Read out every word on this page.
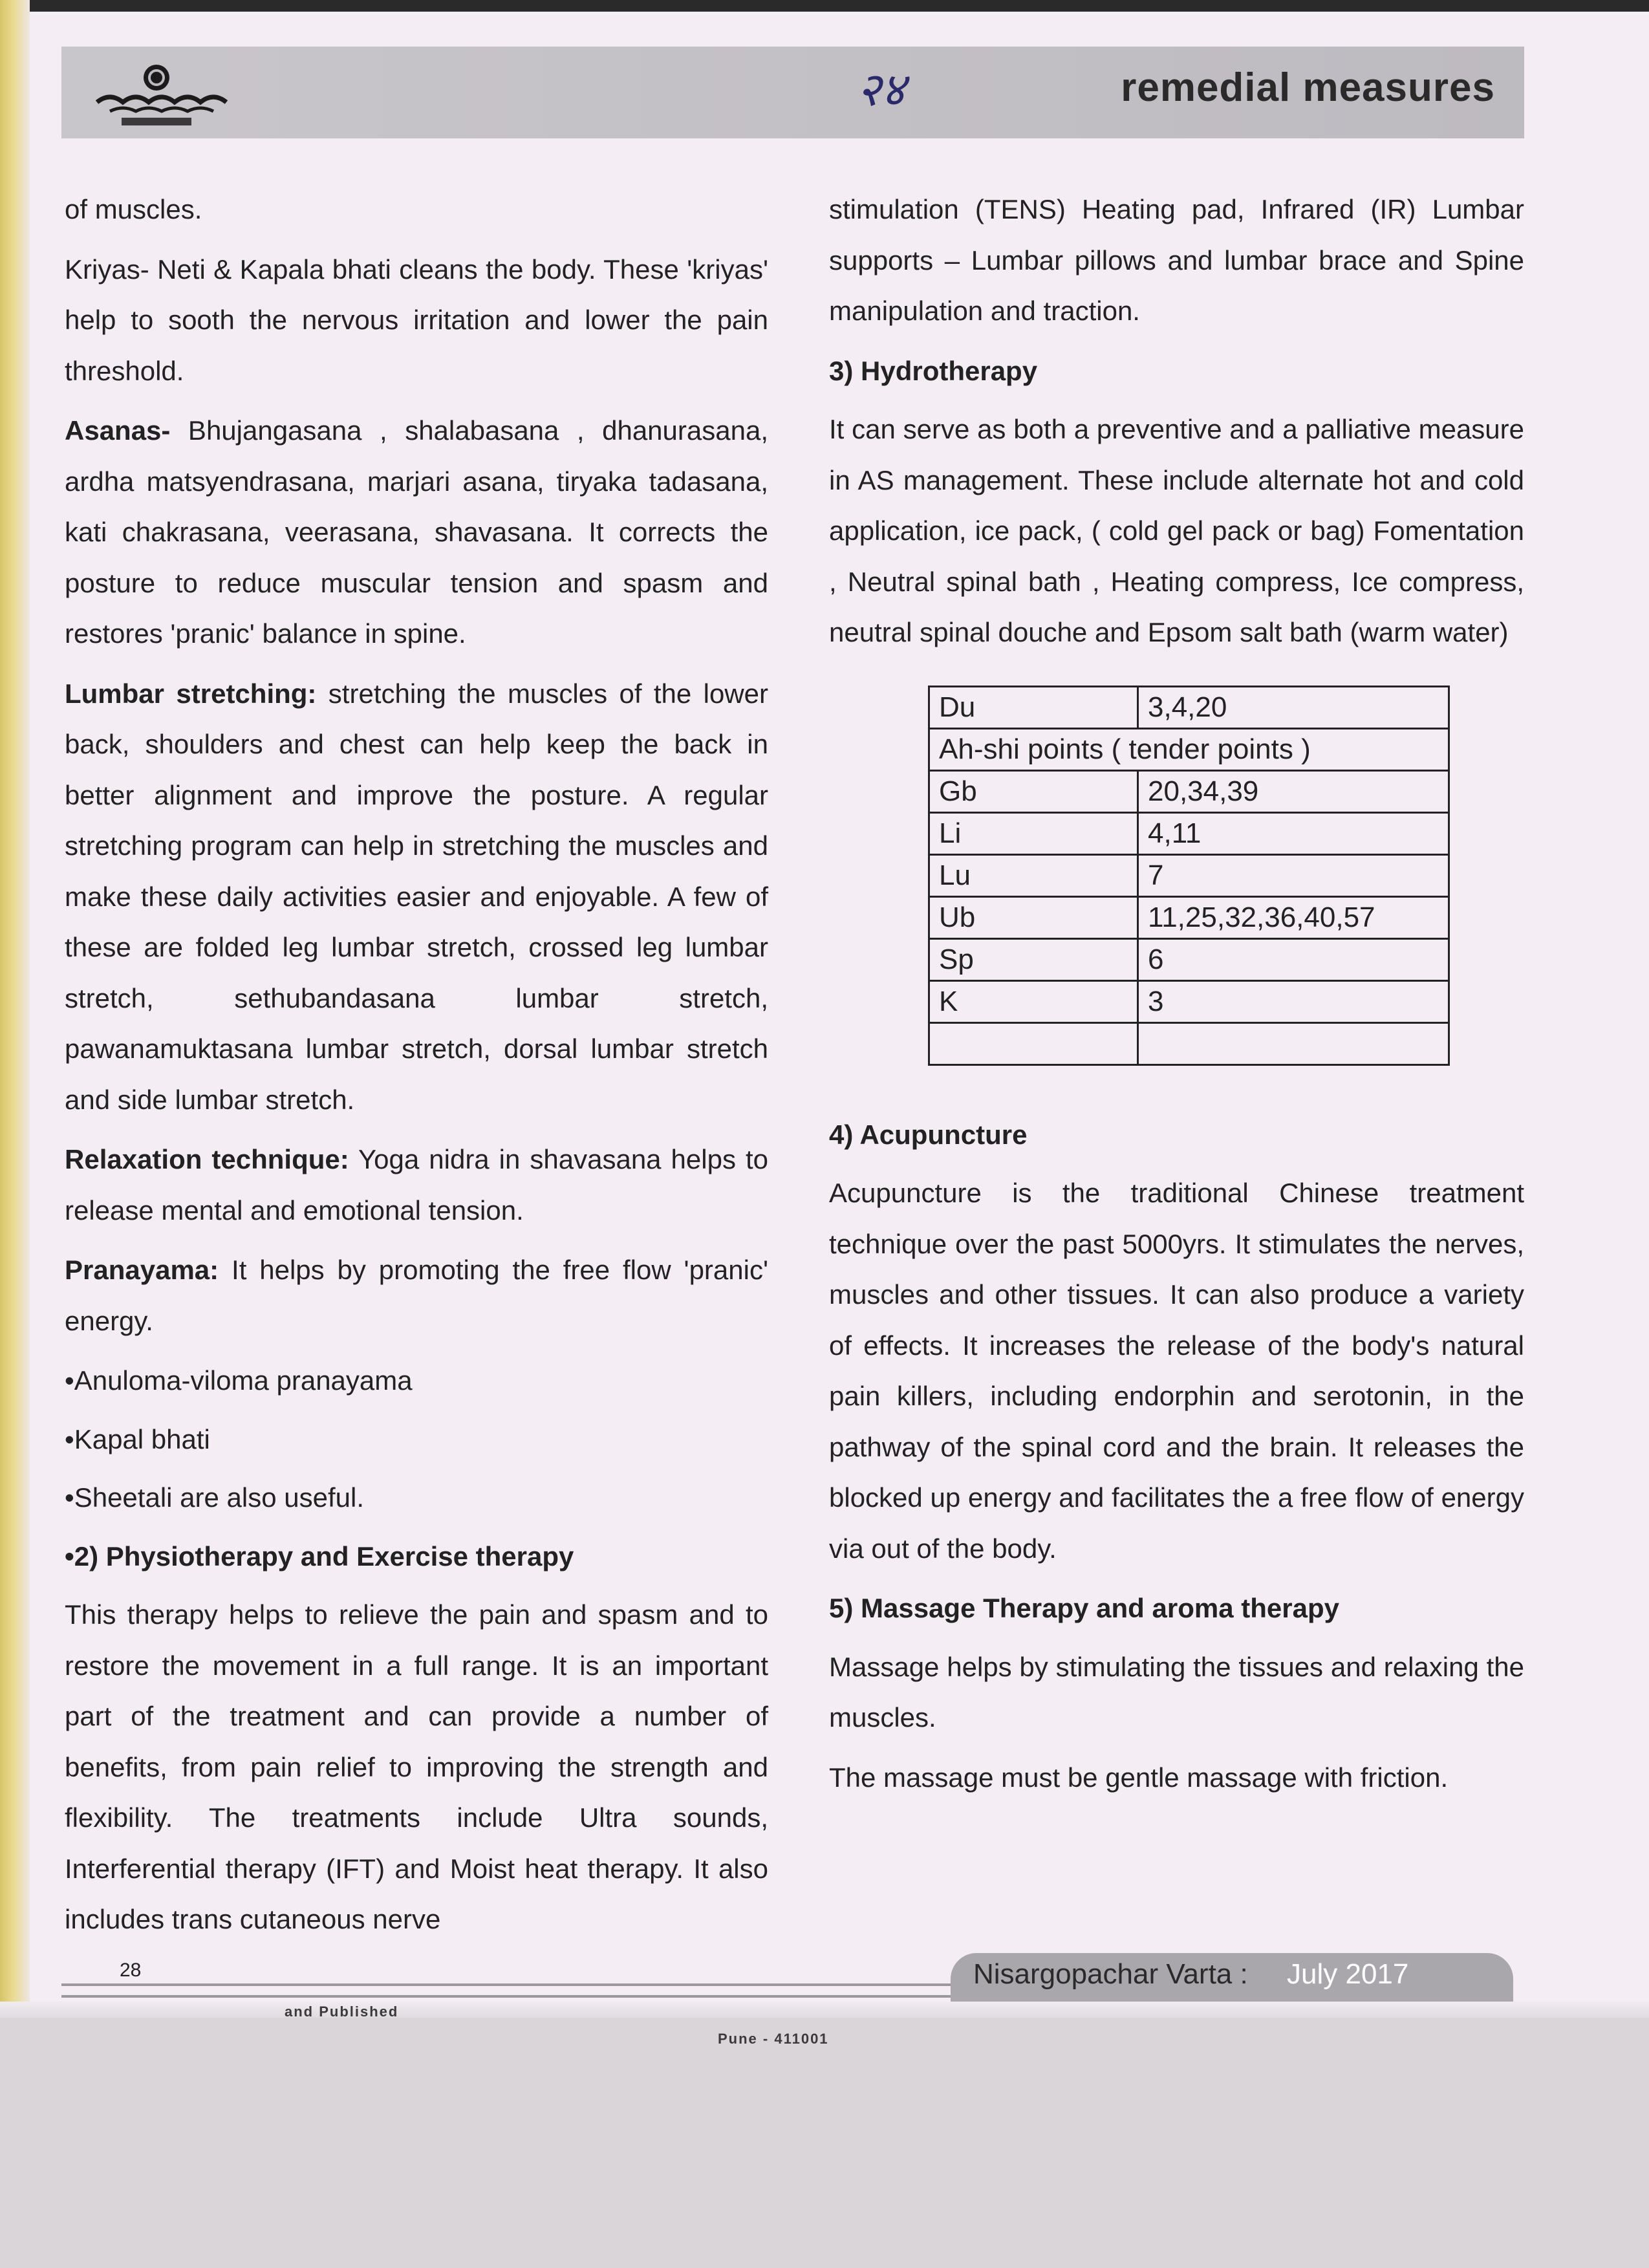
२४	remedial measures

of muscles.

Kriyas- Neti & Kapala bhati cleans the body. These 'kriyas' help to sooth the nervous irritation and lower the pain threshold.

Asanas- Bhujangasana , shalabasana , dhanurasana, ardha matsyendrasana, marjari asana, tiryaka tadasana, kati chakrasana, veerasana, shavasana. It corrects the posture to reduce muscular tension and spasm and restores 'pranic' balance in spine.

Lumbar stretching: stretching the muscles of the lower back, shoulders and chest can help keep the back in better alignment and improve the posture. A regular stretching program can help in stretching the muscles and make these daily activities easier and enjoyable. A few of these are folded leg lumbar stretch, crossed leg lumbar stretch, sethubandasana lumbar stretch, pawanamuktasana lumbar stretch, dorsal lumbar stretch and side lumbar stretch.

Relaxation technique: Yoga nidra in shavasana helps to release mental and emotional tension.

Pranayama: It helps by promoting the free flow 'pranic' energy.

•Anuloma-viloma pranayama

•Kapal bhati

•Sheetali are also useful.

•2) Physiotherapy and Exercise therapy

This therapy helps to relieve the pain and spasm and to restore the movement in a full range. It is an important part of the treatment and can provide a number of benefits, from pain relief to improving the strength and flexibility. The treatments include Ultra sounds, Interferential therapy (IFT) and Moist heat therapy. It also includes trans cutaneous nerve

stimulation (TENS) Heating pad, Infrared (IR) Lumbar supports – Lumbar pillows and lumbar brace and Spine manipulation and traction.

3) Hydrotherapy

It can serve as both a preventive and a palliative measure in AS management. These include alternate hot and cold application, ice pack, ( cold gel pack or bag) Fomentation , Neutral spinal bath , Heating compress, Ice compress, neutral spinal douche and Epsom salt bath (warm water)

Du	3,4,20
Ah-shi points ( tender points )	
Gb	20,34,39
Li	4,11
Lu	7
Ub	11,25,32,36,40,57
Sp	6
K	3

4) Acupuncture

Acupuncture is the traditional Chinese treatment technique over the past 5000yrs. It stimulates the nerves, muscles and other tissues. It can also produce a variety of effects. It increases the release of the body's natural pain killers, including endorphin and serotonin, in the pathway of the spinal cord and the brain. It releases the blocked up energy and facilitates the a free flow of energy via out of the body.

5) Massage Therapy and aroma therapy

Massage helps by stimulating the tissues and relaxing the muscles.

The massage must be gentle massage with friction.

28	Nisargopachar Varta : July 2017
and Published
Pune - 411001
